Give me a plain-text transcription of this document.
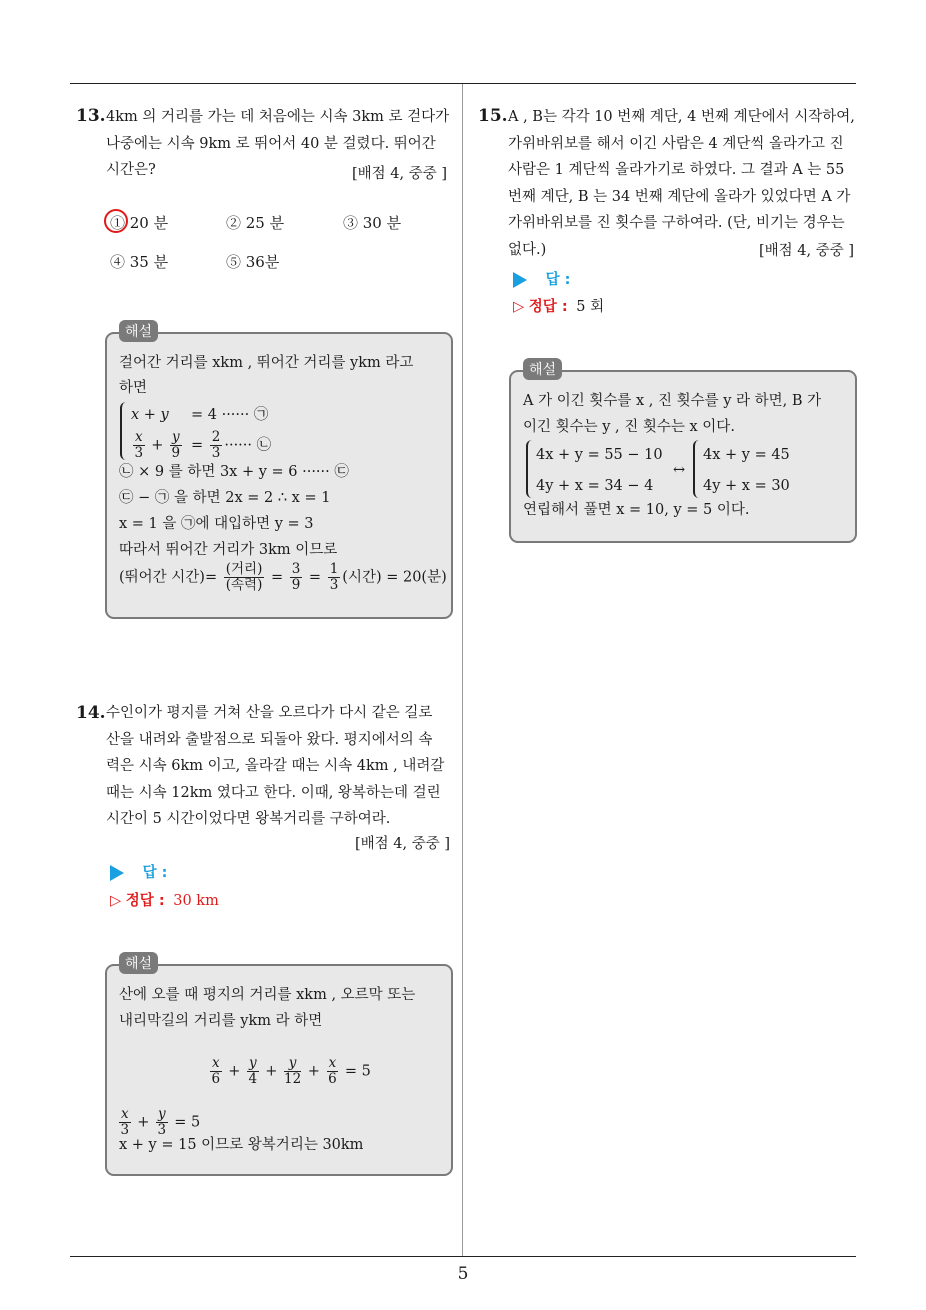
5
13. 4km 의 거리를 가는 데 처음에는 시속 3km 로 걷다가
나중에는 시속 9km 로 뛰어서 40 분 걸렸다. 뛰어간
시간은?	[배점 4, 중중 ]
① 20 분	② 25 분	③ 30 분
④ 35 분	⑤ 36분
해설
걸어간 거리를 xkm , 뛰어간 거리를 ykm 라고
하면
x + y = 4 ······ ㉠
$\frac{x}{3} + \frac{y}{9} = \frac{2}{3}$ ······ ㉡
㉡ × 9 를 하면 3x + y = 6 ······ ㉢
㉢ − ㉠ 을 하면 2x = 2 ∴ x = 1
x = 1 을 ㉠에 대입하면 y = 3
따라서 뛰어간 거리가 3km 이므로
(뛰어간 시간)= $\frac{\text{(거리)}}{\text{(속력)}} = \frac{3}{9} = \frac{1}{3}$ (시간) = 20(분)
14. 수인이가 평지를 거쳐 산을 오르다가 다시 같은 길로
산을 내려와 출발점으로 되돌아 왔다. 평지에서의 속
력은 시속 6km 이고, 올라갈 때는 시속 4km , 내려갈
때는 시속 12km 였다고 한다. 이때, 왕복하는데 걸린
시간이 5 시간이었다면 왕복거리를 구하여라.
[배점 4, 중중 ]
답 :
▷ 정답 : 30 km
해설
산에 오를 때 평지의 거리를 xkm , 오르막 또는
내리막길의 거리를 ykm 라 하면
$\frac{x}{6} + \frac{y}{4} + \frac{y}{12} + \frac{x}{6} = 5$
$\frac{x}{3} + \frac{y}{3} = 5$
x + y = 15 이므로 왕복거리는 30km
15. A , B는 각각 10 번째 계단, 4 번째 계단에서 시작하여,
가위바위보를 해서 이긴 사람은 4 계단씩 올라가고 진
사람은 1 계단씩 올라가기로 하였다. 그 결과 A 는 55
번째 계단, B 는 34 번째 계단에 올라가 있었다면 A 가
가위바위보를 진 횟수를 구하여라. (단, 비기는 경우는
없다.)	[배점 4, 중중 ]
답 :
▷ 정답 : 5 회
해설
A 가 이긴 횟수를 x , 진 횟수를 y 라 하면, B 가
이긴 횟수는 y , 진 횟수는 x 이다.
4x + y = 55 − 10
4y + x = 34 − 4
↔
4x + y = 45
4y + x = 30
연립해서 풀면 x = 10, y = 5 이다.
